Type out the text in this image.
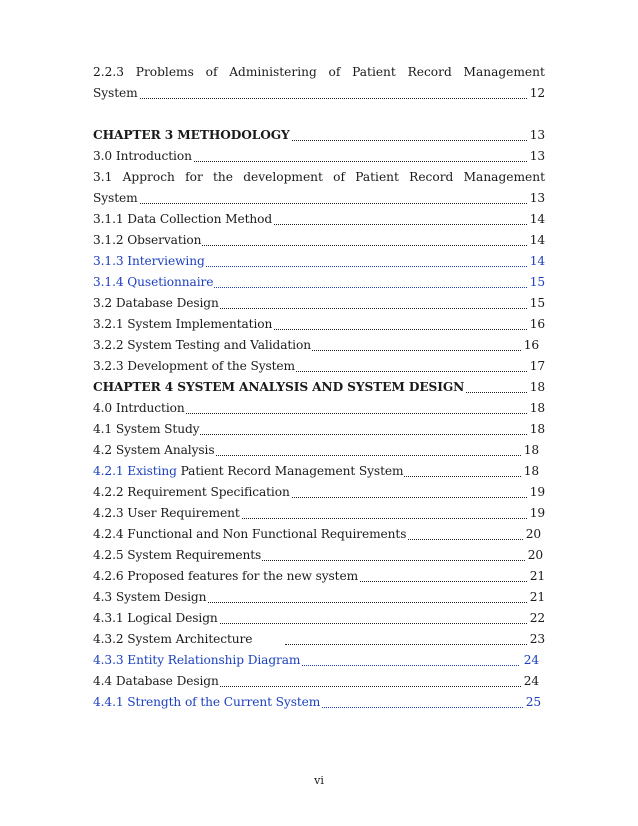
2.2.3 Problems of Administering of Patient Record Management
System	12
CHAPTER 3 METHODOLOGY	13
3.0 Introduction	13
3.1 Approch for the development of Patient Record Management
System	13
3.1.1 Data Collection Method	14
3.1.2 Observation	14
3.1.3 Interviewing	14
3.1.4 Qusetionnaire	15
3.2 Database Design	15
3.2.1 System Implementation	16
3.2.2 System Testing and Validation	16
3.2.3 Development of the System	17
CHAPTER 4 SYSTEM ANALYSIS AND SYSTEM DESIGN	18
4.0 Intrduction	18
4.1 System Study	18
4.2 System Analysis	18
4.2.1 Existing Patient Record Management System	18
4.2.2 Requirement Specification	19
4.2.3 User Requirement	19
4.2.4 Functional and Non Functional Requirements	20
4.2.5 System Requirements	20
4.2.6 Proposed features for the new system	21
4.3 System Design	21
4.3.1 Logical Design	22
4.3.2 System Architecture	23
4.3.3 Entity Relationship Diagram	24
4.4 Database Design	24
4.4.1 Strength of the Current System	25
vi
